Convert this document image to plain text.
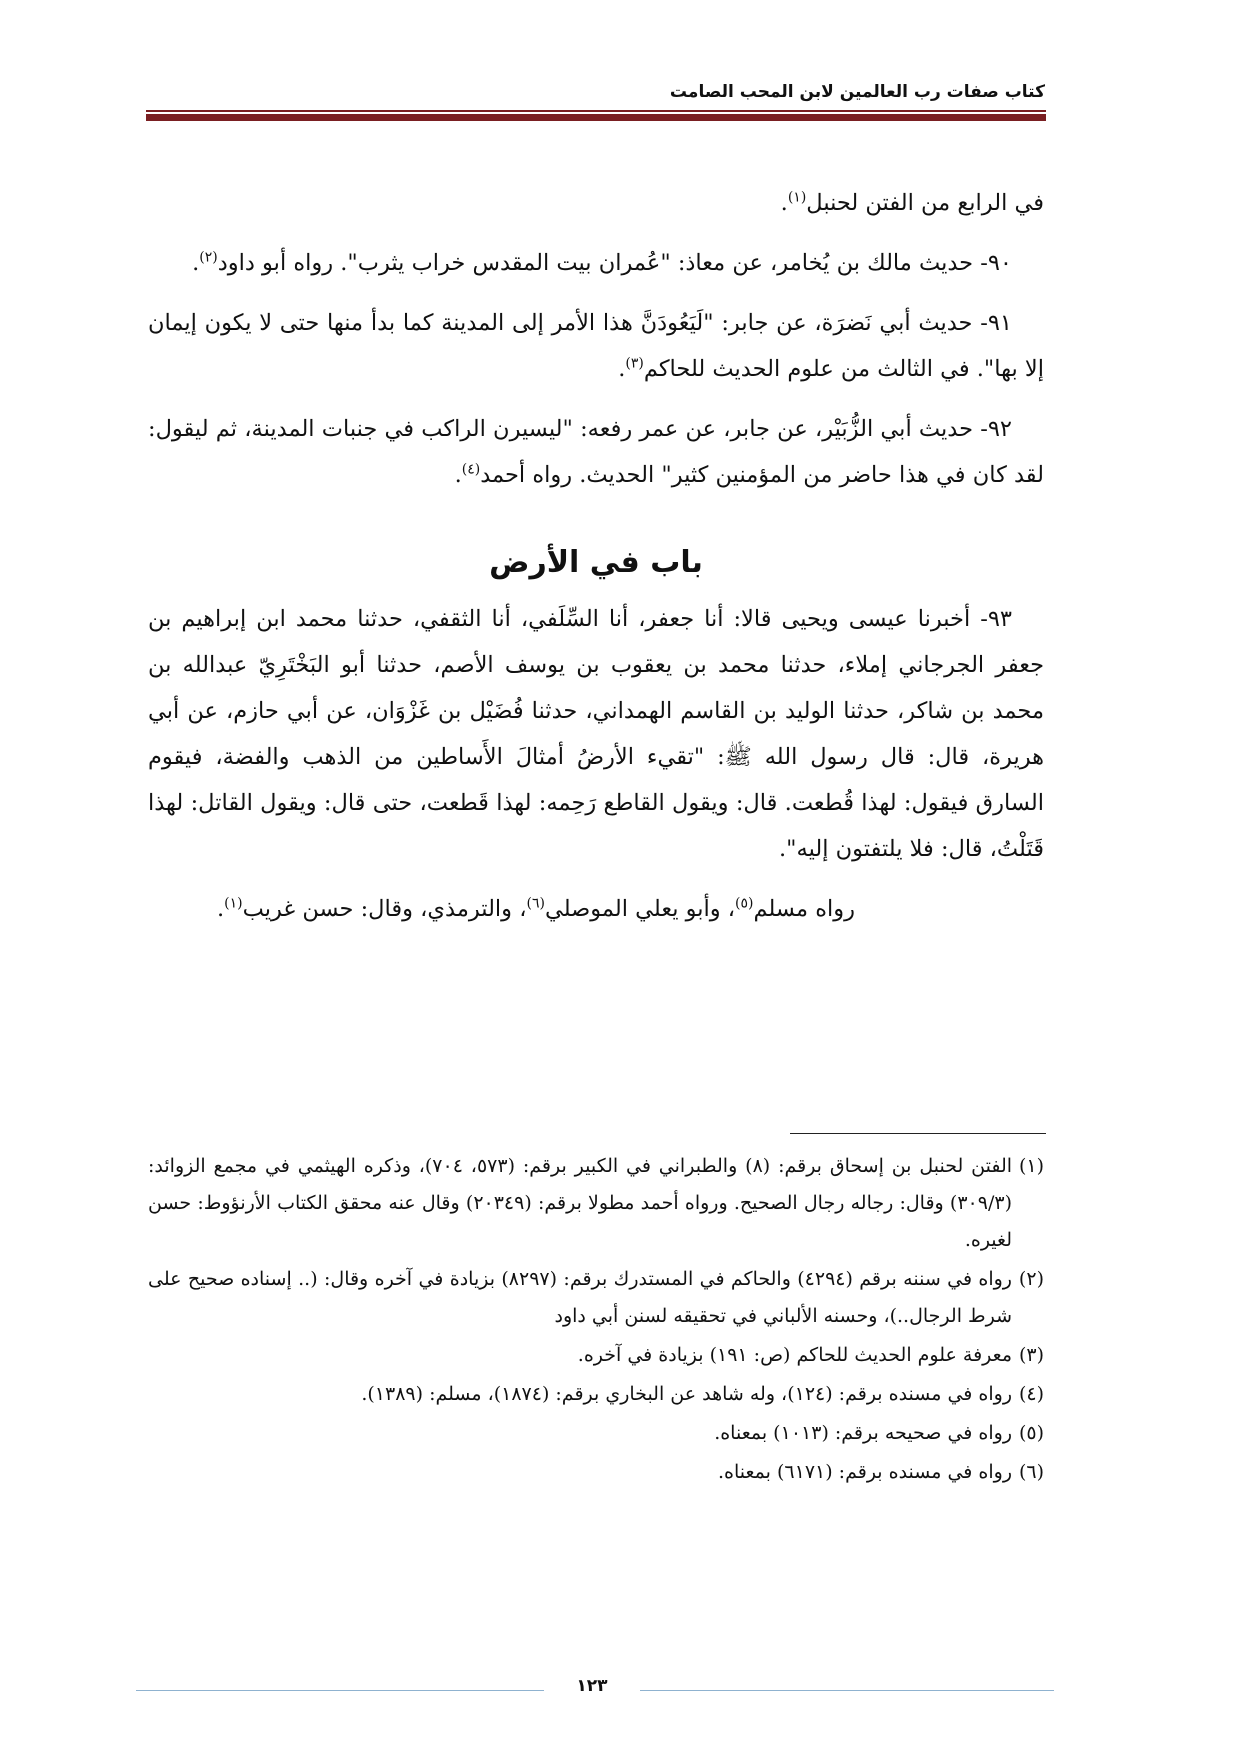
كتاب صفات رب العالمين لابن المحب الصامت

في الرابع من الفتن لحنبل$^{(١)}$.

٩٠- حديث مالك بن يُخامر، عن معاذ: "عُمران بيت المقدس خراب يثرب". رواه أبو داود$^{(٢)}$.

٩١- حديث أبي نَضرَة، عن جابر: "لَيَعُودَنَّ هذا الأمر إلى المدينة كما بدأ منها حتى لا يكون إيمان إلا بها". في الثالث من علوم الحديث للحاكم$^{(٣)}$.

٩٢- حديث أبي الزُّبَيْر، عن جابر، عن عمر رفعه: "ليسيرن الراكب في جنبات المدينة، ثم ليقول: لقد كان في هذا حاضر من المؤمنين كثير" الحديث. رواه أحمد$^{(٤)}$.

باب في الأرض

٩٣- أخبرنا عيسى ويحيى قالا: أنا جعفر، أنا السِّلَفي، أنا الثقفي، حدثنا محمد ابن إبراهيم بن جعفر الجرجاني إملاء، حدثنا محمد بن يعقوب بن يوسف الأصم، حدثنا أبو البَخْتَرِيّ عبدالله بن محمد بن شاكر، حدثنا الوليد بن القاسم الهمداني، حدثنا فُضَيْل بن غَزْوَان، عن أبي حازم، عن أبي هريرة، قال: قال رسول الله ﷺ: "تقيء الأرضُ أمثالَ الأَساطين من الذهب والفضة، فيقوم السارق فيقول: لهذا قُطعت. قال: ويقول القاطع رَحِمه: لهذا قَطعت، حتى قال: ويقول القاتل: لهذا قَتَلْتُ، قال: فلا يلتفتون إليه".

رواه مسلم$^{(٥)}$، وأبو يعلي الموصلي$^{(٦)}$، والترمذي، وقال: حسن غريب$^{(١)}$.

(١)الفتن لحنبل بن إسحاق برقم: (٨) والطبراني في الكبير برقم: (٥٧٣، ٧٠٤)، وذكره الهيثمي في مجمع الزوائد: (٣٠٩/٣) وقال: رجاله رجال الصحيح. ورواه أحمد مطولا برقم: (٢٠٣٤٩) وقال عنه محقق الكتاب الأرنؤوط: حسن لغيره.

(٢)رواه في سننه برقم (٤٢٩٤) والحاكم في المستدرك برقم: (٨٢٩٧) بزيادة في آخره وقال: (.. إسناده صحيح على شرط الرجال..)، وحسنه الألباني في تحقيقه لسنن أبي داود

(٣)معرفة علوم الحديث للحاكم (ص: ١٩١) بزيادة في آخره.

(٤)رواه في مسنده برقم: (١٢٤)، وله شاهد عن البخاري برقم: (١٨٧٤)، مسلم: (١٣٨٩).

(٥)رواه في صحيحه برقم: (١٠١٣) بمعناه.

(٦)رواه في مسنده برقم: (٦١٧١) بمعناه.

١٢٣
